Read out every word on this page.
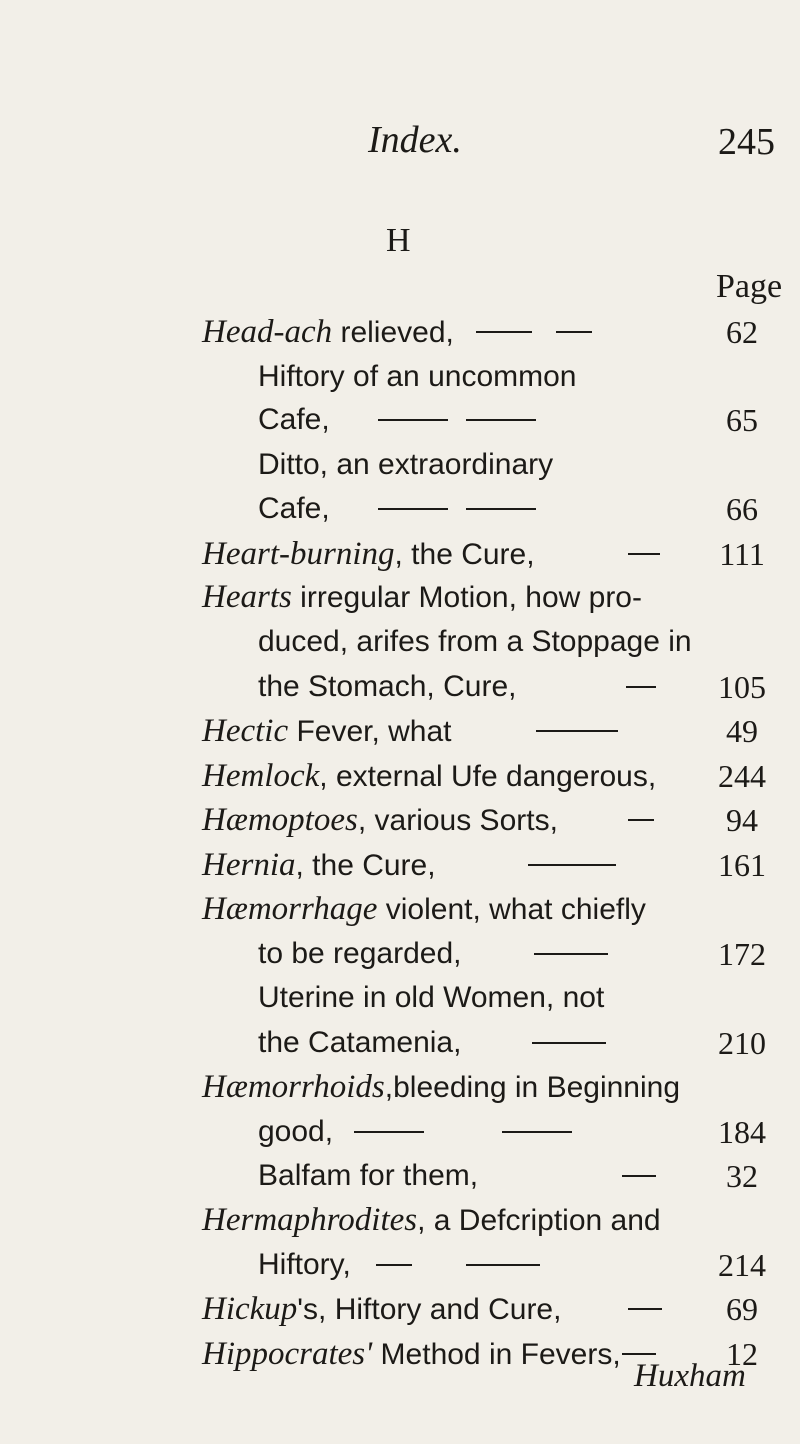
Index.	245
H
Page
Head-ach relieved,	62
Hiftory of an uncommon
Cafe,	65
Ditto, an extraordinary
Cafe,	66
Heart-burning, the Cure,	111
Hearts irregular Motion, how pro-
duced, arifes from a Stoppage in
the Stomach, Cure,	105
Hectic Fever, what	49
Hemlock, external Ufe dangerous,	244
Hæmoptoes, various Sorts,	94
Hernia, the Cure,	161
Hæmorrhage violent, what chiefly
to be regarded,	172
Uterine in old Women, not
the Catamenia,	210
Hæmorrhoids,bleeding in Beginning
good,	184
Balfam for them,	32
Hermaphrodites, a Defcription and
Hiftory,	214
Hickup's, Hiftory and Cure,	69
Hippocrates' Method in Fevers,	12
Huxham
